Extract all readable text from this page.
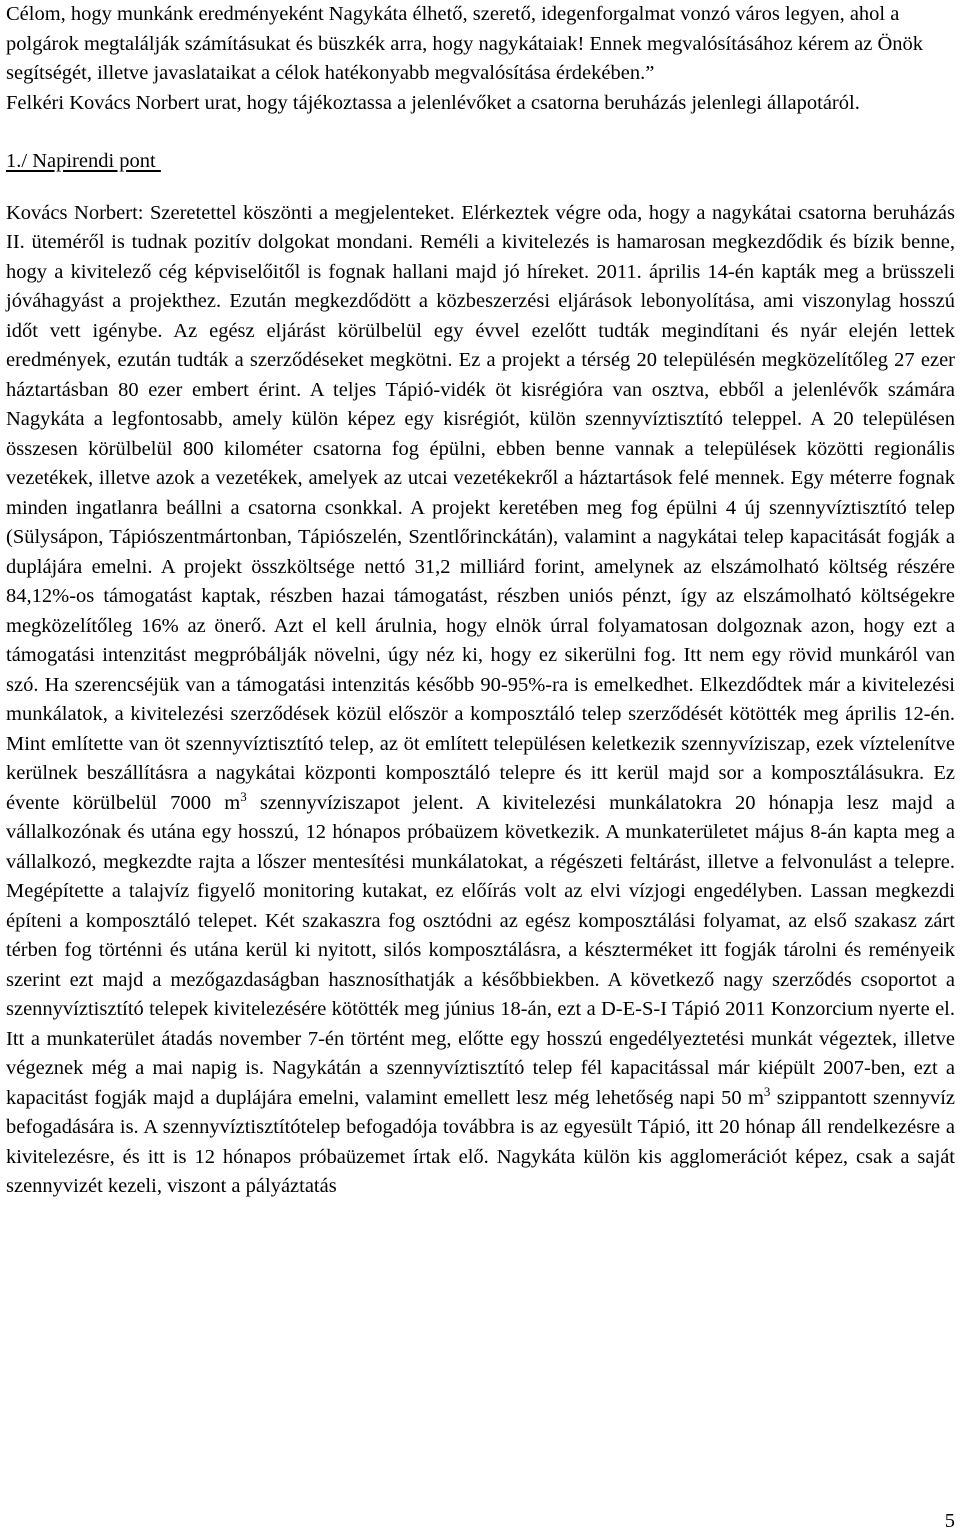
Célom, hogy munkánk eredményeként Nagykáta élhető, szerető, idegenforgalmat vonzó város legyen, ahol a polgárok megtalálják számításukat és büszkék arra, hogy nagykátaiak! Ennek megvalósításához kérem az Önök segítségét, illetve javaslataikat a célok hatékonyabb megvalósítása érdekében.”

Felkéri Kovács Norbert urat, hogy tájékoztassa a jelenlévőket a csatorna beruházás jelenlegi állapotáról.

1./ Napirendi pont

Kovács Norbert: Szeretettel köszönti a megjelenteket. Elérkeztek végre oda, hogy a nagykátai csatorna beruházás II. üteméről is tudnak pozitív dolgokat mondani. Reméli a kivitelezés is hamarosan megkezdődik és bízik benne, hogy a kivitelező cég képviselőitől is fognak hallani majd jó híreket. 2011. április 14-én kapták meg a brüsszeli jóváhagyást a projekthez. Ezután megkezdődött a közbeszerzési eljárások lebonyolítása, ami viszonylag hosszú időt vett igénybe. Az egész eljárást körülbelül egy évvel ezelőtt tudták megindítani és nyár elején lettek eredmények, ezután tudták a szerződéseket megkötni. Ez a projekt a térség 20 településén megközelítőleg 27 ezer háztartásban 80 ezer embert érint. A teljes Tápió-vidék öt kisrégióra van osztva, ebből a jelenlévők számára Nagykáta a legfontosabb, amely külön képez egy kisrégiót, külön szennyvíztisztító teleppel. A 20 településen összesen körülbelül 800 kilométer csatorna fog épülni, ebben benne vannak a települések közötti regionális vezetékek, illetve azok a vezetékek, amelyek az utcai vezetékekről a háztartások felé mennek. Egy méterre fognak minden ingatlanra beállni a csatorna csonkkal. A projekt keretében meg fog épülni 4 új szennyvíztisztító telep (Sülysápon, Tápiószentmártonban, Tápiószelén, Szentlőrinckátán), valamint a nagykátai telep kapacitását fogják a duplájára emelni. A projekt összköltsége nettó 31,2 milliárd forint, amelynek az elszámolható költség részére 84,12%-os támogatást kaptak, részben hazai támogatást, részben uniós pénzt, így az elszámolható költségekre megközelítőleg 16% az önerő. Azt el kell árulnia, hogy elnök úrral folyamatosan dolgoznak azon, hogy ezt a támogatási intenzitást megpróbálják növelni, úgy néz ki, hogy ez sikerülni fog. Itt nem egy rövid munkáról van szó. Ha szerencséjük van a támogatási intenzitás később 90-95%-ra is emelkedhet. Elkezdődtek már a kivitelezési munkálatok, a kivitelezési szerződések közül először a komposztáló telep szerződését kötötték meg április 12-én. Mint említette van öt szennyvíztisztító telep, az öt említett településen keletkezik szennyvíziszap, ezek víztelenítve kerülnek beszállításra a nagykátai központi komposztáló telepre és itt kerül majd sor a komposztálásukra. Ez évente körülbelül 7000 $m^3$ szennyvíziszapot jelent. A kivitelezési munkálatokra 20 hónapja lesz majd a vállalkozónak és utána egy hosszú, 12 hónapos próbaüzem következik. A munkaterületet május 8-án kapta meg a vállalkozó, megkezdte rajta a lőszer mentesítési munkálatokat, a régészeti feltárást, illetve a felvonulást a telepre. Megépítette a talajvíz figyelő monitoring kutakat, ez előírás volt az elvi vízjogi engedélyben. Lassan megkezdi építeni a komposztáló telepet. Két szakaszra fog osztódni az egész komposztálási folyamat, az első szakasz zárt térben fog történni és utána kerül ki nyitott, silós komposztálásra, a készterméket itt fogják tárolni és reményeik szerint ezt majd a mezőgazdaságban hasznosíthatják a későbbiekben. A következő nagy szerződés csoportot a szennyvíztisztító telepek kivitelezésére kötötték meg június 18-án, ezt a D-E-S-I Tápió 2011 Konzorcium nyerte el. Itt a munkaterület átadás november 7-én történt meg, előtte egy hosszú engedélyeztetési munkát végeztek, illetve végeznek még a mai napig is. Nagykátán a szennyvíztisztító telep fél kapacitással már kiépült 2007-ben, ezt a kapacitást fogják majd a duplájára emelni, valamint emellett lesz még lehetőség napi 50 $m^3$ szippantott szennyvíz befogadására is. A szennyvíztisztítótelep befogadója továbbra is az egyesült Tápió, itt 20 hónap áll rendelkezésre a kivitelezésre, és itt is 12 hónapos próbaüzemet írtak elő. Nagykáta külön kis agglomerációt képez, csak a saját szennyvizét kezeli, viszont a pályáztatás

5
